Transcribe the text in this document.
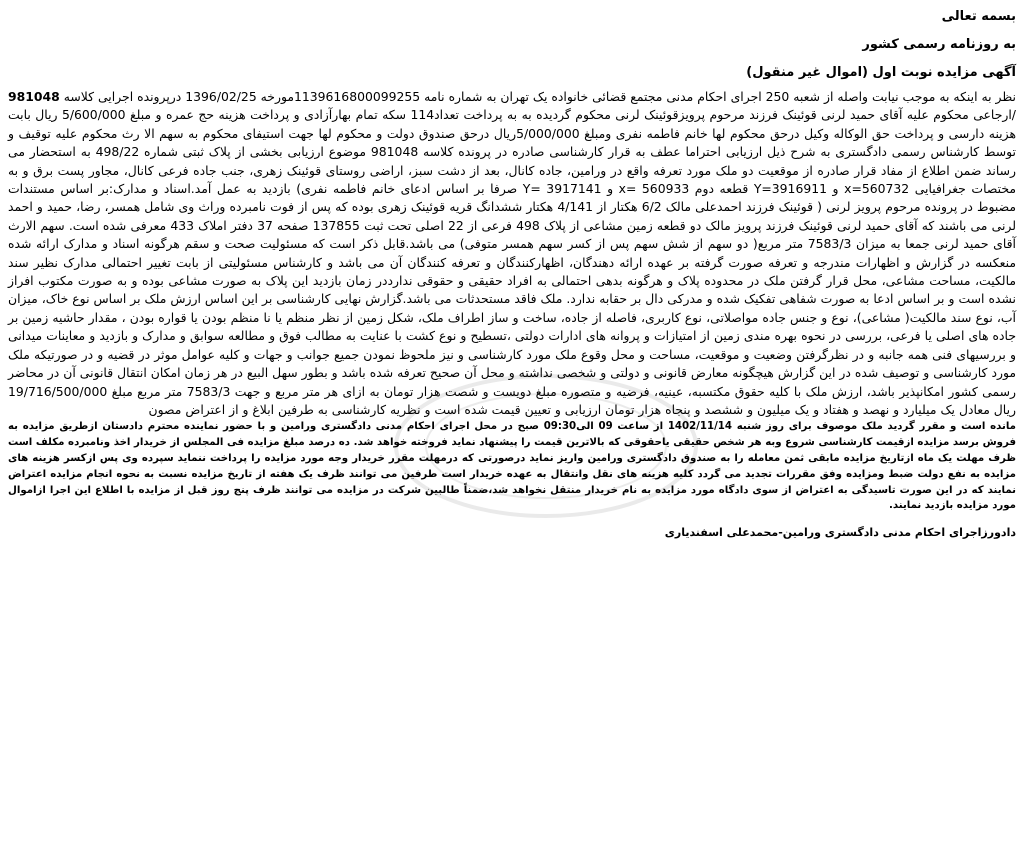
بسمه تعالی

به روزنامه رسمی کشور

آگهی مزایده نوبت اول (اموال غیر منقول)

نظر به اینکه به موجب نیابت واصله از شعبه 250 اجرای احکام مدنی مجتمع قضائی خانواده یک تهران به شماره نامه 139616800099255‏1مورخه 1396/02/25 درپرونده اجرایی کلاسه 981048 /ارجاعی محکوم علیه آقای حمید لرنی قوئینک فرزند مرحوم پرویزقوئینک لرنی محکوم گردیده به به پرداخت تعداد114 سکه تمام بهارآزادی و پرداخت هزینه حج عمره و مبلغ 5/600/000 ریال بابت هزینه دارسی و پرداخت حق الوکاله وکیل درحق محکوم لها خانم فاطمه نفری ومبلغ 5/000/000ریال درحق صندوق دولت و محکوم لها جهت استیفای محکوم به سهم الا رث محکوم علیه توقیف و توسط کارشناس رسمی دادگستری به شرح ذیل ارزیابی احتراما عطف به قرار کارشناسی صادره در پرونده کلاسه 981048 موضوع ارزیابی بخشی از پلاک ثبتی شماره 498/22 به استحضار می رساند ضمن اطلاع از مفاد قرار صادره از موقعیت دو ملک مورد تعرفه واقع در ورامین، جاده کانال، بعد از دشت سبز، اراضی روستای قوئینک زهری، جنب جاده فرعی کانال، مجاور پست برق و به مختصات جغرافیایی x=560732 و Y=3916911 قطعه دوم x= 560933 و Y= 3917141 صرفا بر اساس ادعای خانم فاطمه نفری) بازدید به عمل آمد.اسناد و مدارک:بر اساس مستندات مضبوط در پرونده مرحوم پرویز لرنی ( قوئینک فرزند احمدعلی مالک 6/2 هکتار از 4/141 هکتار ششدانگ قریه قوئینک زهری بوده که پس از فوت نامبرده وراث وی شامل همسر، رضا، حمید و احمد لرنی می باشند که آقای حمید لرنی قوئینک فرزند پرویز مالک دو قطعه زمین مشاعی از پلاک 498 فرعی از 22 اصلی تحت ثبت 137855 صفحه 37 دفتر املاک 433 معرفی شده است. سهم الارث آقای حمید لرنی جمعا به میزان 7583/3 متر مربع( دو سهم از شش سهم پس از کسر سهم همسر متوفی) می باشد.قابل ذکر است که مسئولیت صحت و سقم هرگونه اسناد و مدارک ارائه شده منعکسه در گزارش و اظهارات مندرجه و تعرفه صورت گرفته بر عهده ارائه دهندگان، اظهارکنندگان و تعرفه کنندگان آن می باشد و کارشناس مسئولیتی از بابت تغییر احتمالی مدارک نظیر سند مالکیت، مساحت مشاعی، محل قرار گرفتن ملک در محدوده پلاک و هرگونه بدهی احتمالی به افراد حقیقی و حقوقی ندارددر زمان بازدید این پلاک به صورت مشاعی بوده و به صورت مکتوب افراز نشده است و بر اساس ادعا به صورت شفاهی تفکیک شده و مدرکی دال بر حقابه ندارد. ملک فاقد مستحدثات می باشد.گزارش نهایی کارشناسی بر این اساس ارزش ملک بر اساس نوع خاک، میزان آب، نوع سند مالکیت( مشاعی)، نوع و جنس جاده مواصلاتی، نوع کاربری، فاصله از جاده، ساخت و ساز اطراف ملک، شکل زمین از نظر منظم یا نا منظم بودن یا قواره بودن ، مقدار حاشیه زمین بر جاده های اصلی یا فرعی، بررسی در نحوه بهره مندی زمین از امتیازات و پروانه های ادارات دولتی ،تسطیح و نوع کشت با عنایت به مطالب فوق و مطالعه سوابق و مدارک و بازدید و معاینات میدانی و بررسیهای فنی همه جانبه و در نظرگرفتن وضعیت و موقعیت، مساحت و محل وقوع ملک مورد کارشناسی و نیز ملحوظ نمودن جمیع جوانب و جهات و کلیه عوامل موثر در قضیه و در صورتیکه ملک مورد کارشناسی و توصیف شده در این گزارش هیچگونه معارض قانونی و دولتی و شخصی نداشته و محل آن صحیح تعرفه شده باشد و بطور سهل البیع در هر زمان امکان انتقال قانونی آن در محاضر رسمی کشور امکانپذیر باشد، ارزش ملک با کلیه حقوق مکتسبه، عینیه، فرضیه و متصوره مبلغ دویست و شصت هزار تومان به ازای هر متر مربع و جهت 7583/3 متر مربع مبلغ 19/716/500/000 ریال معادل یک میلیارد و نهصد و هفتاد و یک میلیون و ششصد و پنجاه هزار تومان ارزیابی و تعیین قیمت شده است و نظریه کارشناسی به طرفین ابلاغ و از اعتراض مصون

مانده است و مقرر گردید ملک موصوف برای روز شنبه 1402/11/14 از ساعت 09 الی09:30 صبح در محل اجرای احکام مدنی دادگستری ورامین و با حضور نماینده محترم دادستان ازطریق مزایده به فروش برسد مزایده ازقیمت کارشناسی شروع وبه هر شخص حقیقی یاحقوقی که بالاترین قیمت را پیشنهاد نماید فروخته خواهد شد. ده درصد مبلغ مزایده فی المجلس از خریدار اخذ ونامبرده مکلف است ظرف مهلت یک ماه ازتاریخ مزایده مابقی ثمن معامله را به صندوق دادگستری ورامین واریز نماید درصورتی که درمهلت مقرر خریدار وجه مورد مزایده را پرداخت ننماید سپرده وی پس ازکسر هزینه های مزایده به نفع دولت ضبط ومزایده وفق مقررات تجدید می گردد کلیه هزینه های نقل وانتقال به عهده خریدار است طرفین می توانند ظرف یک هفته از تاریخ مزایده نسبت به نحوه انجام مزایده اعتراض نمایند که در این صورت تاسیدگی به اعتراض از سوی دادگاه مورد مزایده به نام خریدار منتقل نخواهد شد،ضمناً طالبین شرکت در مزایده می توانند ظرف پنج روز قبل از مزایده با اطلاع این اجرا ازاموال مورد مزایده بازدید نمایند.

دادورزاجرای احکام مدنی دادگستری ورامین-محمدعلی اسفندیاری
